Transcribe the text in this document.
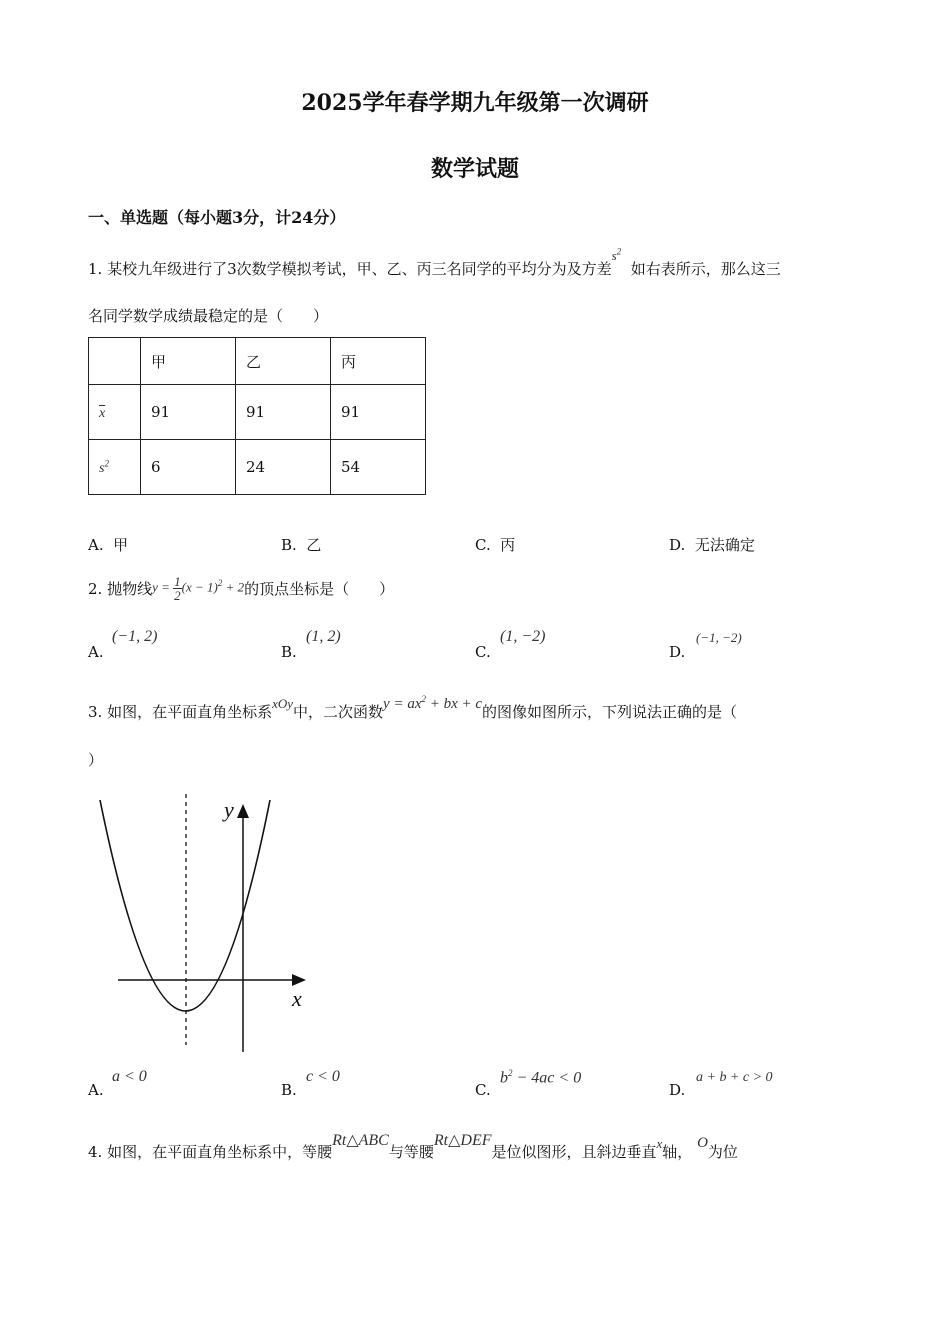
2025学年春学期九年级第一次调研
数学试题
一、单选题（每小题3分，计24分）
1. 某校九年级进行了3次数学模拟考试，甲、乙、丙三名同学的平均分为及方差$s^2$  如右表所示，那么这三
名同学数学成绩最稳定的是（　　）
	甲	乙	丙
$\overline{x}$	91	91	91
$s^2$	6	24	54
A. 甲	B. 乙	C. 丙	D. 无法确定
2. 抛物线 $y = \frac{1}{2} (x - 1)^2 + 2$ 的顶点坐标是（　　）
A.
(−1, 2)
B.
(1, 2)
C.
(1, −2)
D.
(−1, −2)
3. 如图，在平面直角坐标系xOy中，二次函数$y = ax^2$ + bx + c的图像如图所示，下列说法正确的是（
）
y
x
A.
a < 0
B.
c < 0
C.
$b^2 - 4ac < 0$
D.
a + b + c > 0
4. 如图，在平面直角坐标系中，等腰Rt△ABC与等腰Rt△DEF是位似图形，且斜边垂直x轴， O为位
